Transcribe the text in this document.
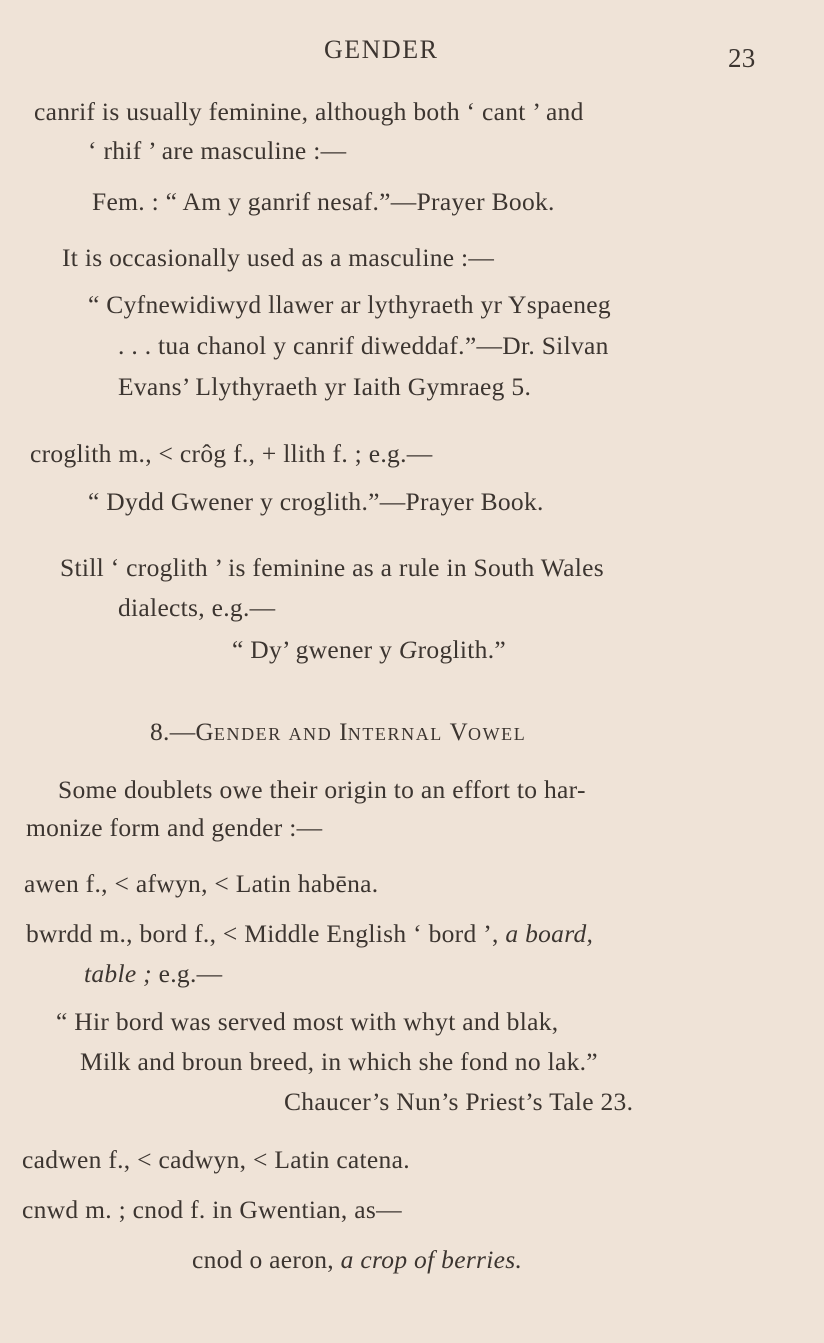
GENDER	23

canrif is usually feminine, although both ‘ cant ’ and

‘ rhif ’ are masculine :—

Fem. : “ Am y ganrif nesaf.”—Prayer Book.

It is occasionally used as a masculine :—

“ Cyfnewidiwyd llawer ar lythyraeth yr Yspaeneg

. . . tua chanol y canrif diweddaf.”—Dr. Silvan

Evans’ Llythyraeth yr Iaith Gymraeg 5.

croglith m., < crôg f., + llith f. ; e.g.—

“ Dydd Gwener y croglith.”—Prayer Book.

Still ‘ croglith ’ is feminine as a rule in South Wales

dialects, e.g.—

“ Dy’ gwener y Groglith.”

8.—GENDER AND INTERNAL VOWEL

Some doublets owe their origin to an effort to har-

monize form and gender :—

awen f., < afwyn, < Latin habēna.

bwrdd m., bord f., < Middle English ‘ bord ’, a board,

table ; e.g.—

“ Hir bord was served most with whyt and blak,

Milk and broun breed, in which she fond no lak.”

Chaucer’s Nun’s Priest’s Tale 23.

cadwen f., < cadwyn, < Latin catena.

cnwd m. ; cnod f. in Gwentian, as—

cnod o aeron, a crop of berries.
